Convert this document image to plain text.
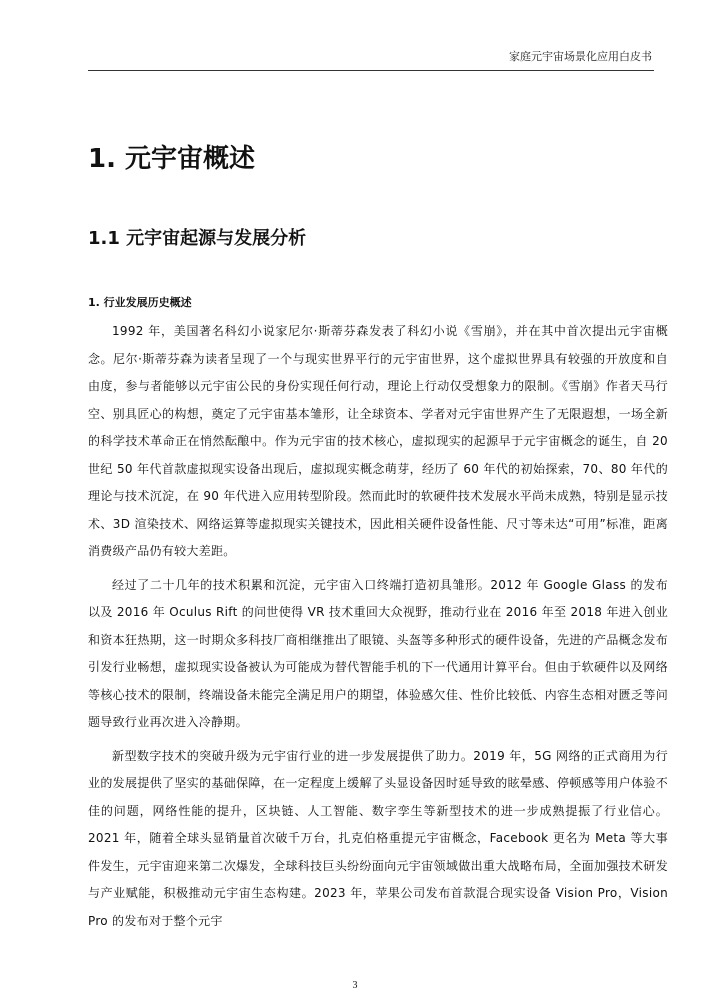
家庭元宇宙场景化应用白皮书
1. 元宇宙概述
1.1 元宇宙起源与发展分析
1. 行业发展历史概述

1992 年，美国著名科幻小说家尼尔·斯蒂芬森发表了科幻小说《雪崩》，并在其中首次提出元宇宙概念。尼尔·斯蒂芬森为读者呈现了一个与现实世界平行的元宇宙世界，这个虚拟世界具有较强的开放度和自由度，参与者能够以元宇宙公民的身份实现任何行动，理论上行动仅受想象力的限制。《雪崩》作者天马行空、别具匠心的构想，奠定了元宇宙基本雏形，让全球资本、学者对元宇宙世界产生了无限遐想，一场全新的科学技术革命正在悄然酝酿中。作为元宇宙的技术核心，虚拟现实的起源早于元宇宙概念的诞生，自 20 世纪 50 年代首款虚拟现实设备出现后，虚拟现实概念萌芽，经历了 60 年代的初始探索，70、80 年代的理论与技术沉淀，在 90 年代进入应用转型阶段。然而此时的软硬件技术发展水平尚未成熟，特别是显示技术、3D 渲染技术、网络运算等虚拟现实关键技术，因此相关硬件设备性能、尺寸等未达“可用”标准，距离消费级产品仍有较大差距。

经过了二十几年的技术积累和沉淀，元宇宙入口终端打造初具雏形。2012 年 Google Glass 的发布以及 2016 年 Oculus Rift 的问世使得 VR 技术重回大众视野，推动行业在 2016 年至 2018 年进入创业和资本狂热期，这一时期众多科技厂商相继推出了眼镜、头盔等多种形式的硬件设备，先进的产品概念发布引发行业畅想，虚拟现实设备被认为可能成为替代智能手机的下一代通用计算平台。但由于软硬件以及网络等核心技术的限制，终端设备未能完全满足用户的期望，体验感欠佳、性价比较低、内容生态相对匮乏等问题导致行业再次进入冷静期。

新型数字技术的突破升级为元宇宙行业的进一步发展提供了助力。2019 年，5G 网络的正式商用为行业的发展提供了坚实的基础保障，在一定程度上缓解了头显设备因时延导致的眩晕感、停顿感等用户体验不佳的问题，网络性能的提升，区块链、人工智能、数字孪生等新型技术的进一步成熟提振了行业信心。2021 年，随着全球头显销量首次破千万台，扎克伯格重提元宇宙概念，Facebook 更名为 Meta 等大事件发生，元宇宙迎来第二次爆发，全球科技巨头纷纷面向元宇宙领域做出重大战略布局，全面加强技术研发与产业赋能，积极推动元宇宙生态构建。2023 年，苹果公司发布首款混合现实设备 Vision Pro，Vision Pro 的发布对于整个元宇

3
